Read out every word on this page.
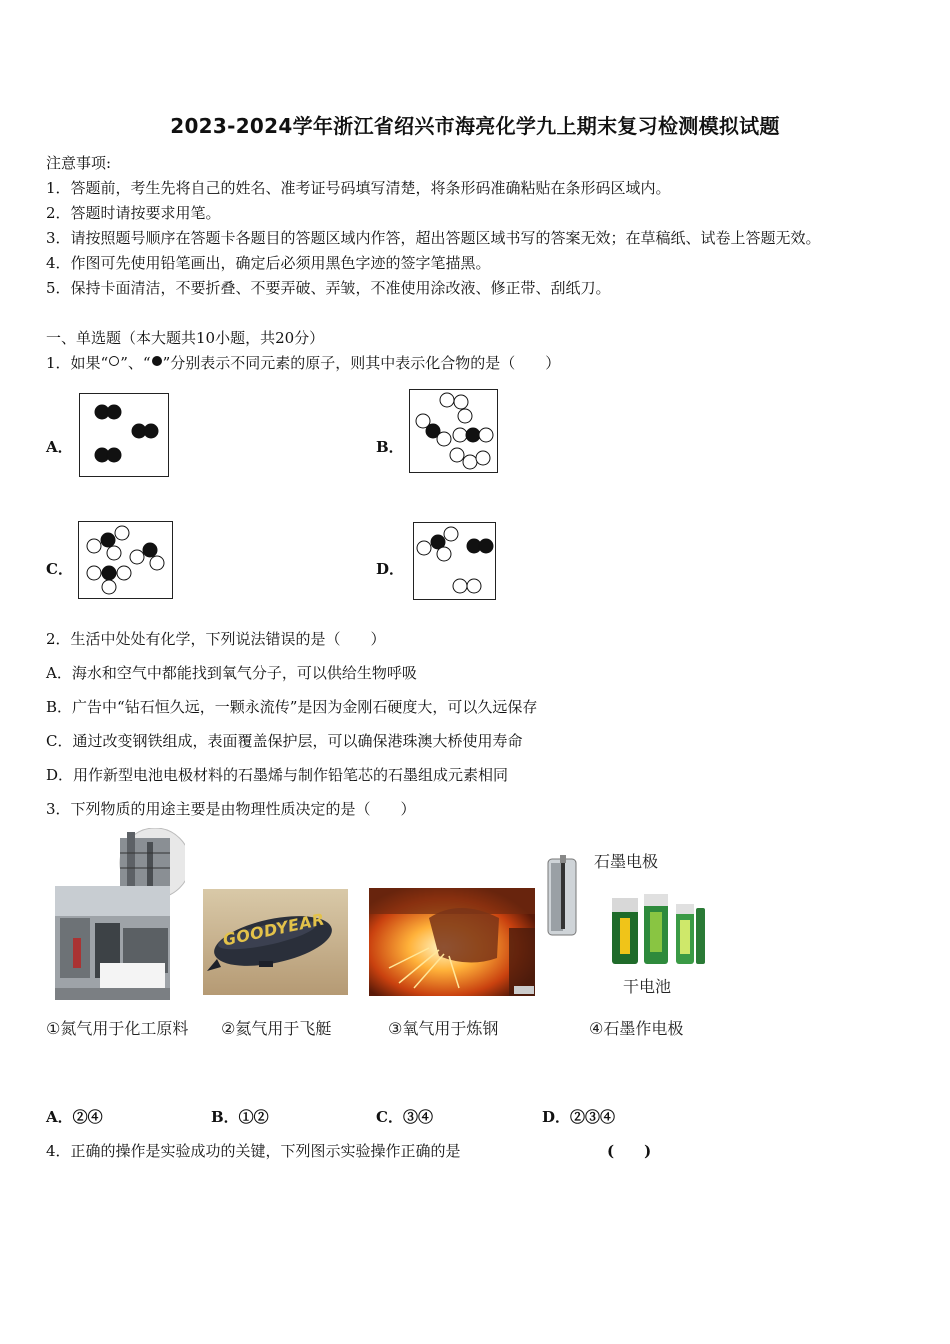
2023-2024学年浙江省绍兴市海亮化学九上期末复习检测模拟试题
注意事项:
1．答题前，考生先将自己的姓名、准考证号码填写清楚，将条形码准确粘贴在条形码区域内。
2．答题时请按要求用笔。
3．请按照题号顺序在答题卡各题目的答题区域内作答，超出答题区域书写的答案无效；在草稿纸、试卷上答题无效。
4．作图可先使用铅笔画出，确定后必须用黑色字迹的签字笔描黑。
5．保持卡面清洁，不要折叠、不要弄破、弄皱，不准使用涂改液、修正带、刮纸刀。
一、单选题（本大题共10小题，共20分）
1．如果“ ”、“ ”分别表示不同元素的原子，则其中表示化合物的是（　　）
A．	B．
C．	D．
2．生活中处处有化学，下列说法错误的是（　　）
A．海水和空气中都能找到氧气分子，可以供给生物呼吸
B．广告中“钻石恒久远，一颗永流传”是因为金刚石硬度大，可以久远保存
C．通过改变钢铁组成，表面覆盖保护层，可以确保港珠澳大桥使用寿命
D．用作新型电池电极材料的石墨烯与制作铅笔芯的石墨组成元素相同
3．下列物质的用途主要是由物理性质决定的是（　　）
GOODYEAR
石墨电极
干电池
①氮气用于化工原料 ②氦气用于飞艇	③氧气用于炼钢	④石墨作电极
A．②④	B．①②	C．③④	D．②③④
4．正确的操作是实验成功的关键，下列图示实验操作正确的是	(　　)
